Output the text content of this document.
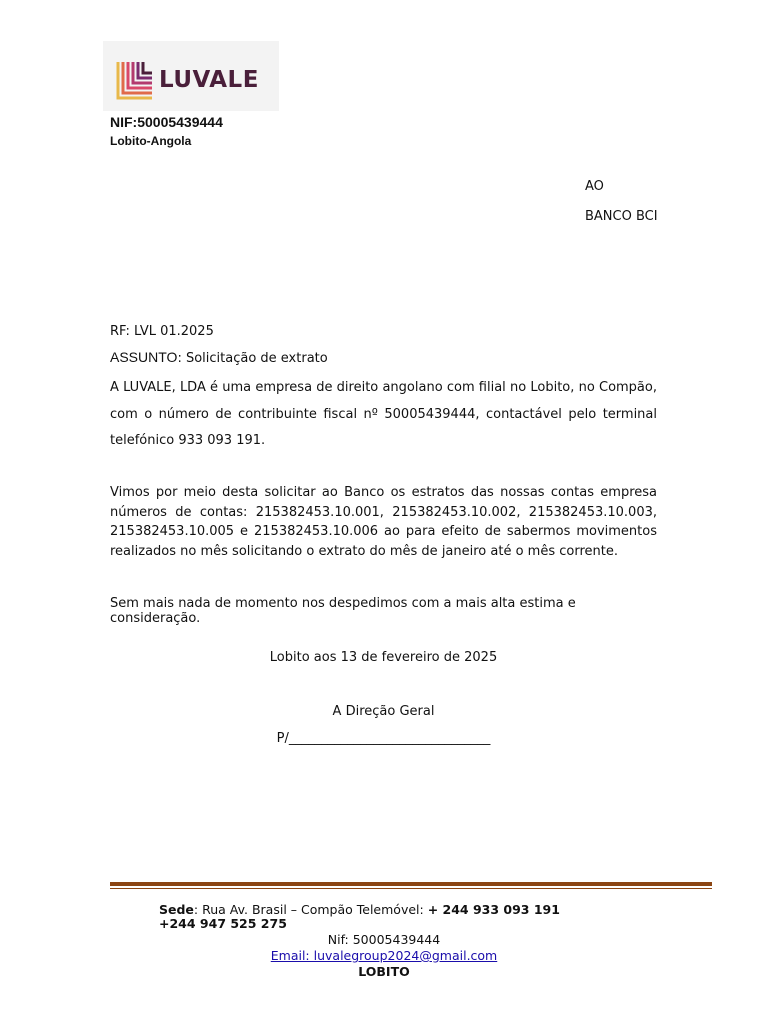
LUVALE
NIF:50005439444
Lobito-Angola
AO
BANCO BCI
RF: LVL 01.2025
ASSUNTO: Solicitação de extrato
A LUVALE, LDA é uma empresa de direito angolano com filial no Lobito, no Compão, com o número de contribuinte fiscal nº 50005439444, contactável pelo terminal telefónico 933 093 191.
Vimos por meio desta solicitar ao Banco os estratos das nossas contas empresa números de contas: 215382453.10.001, 215382453.10.002, 215382453.10.003, 215382453.10.005 e 215382453.10.006 ao para efeito de sabermos movimentos realizados no mês solicitando o extrato do mês de janeiro até o mês corrente.
Sem mais nada de momento nos despedimos com a mais alta estima e consideração.
Lobito aos 13 de fevereiro de 2025
A Direção Geral
P/_______________________________
Sede: Rua Av. Brasil – Compão Telemóvel: + 244 933 093 191
+244 947 525 275
Nif: 50005439444
Email: luvalegroup2024@gmail.com
LOBITO
